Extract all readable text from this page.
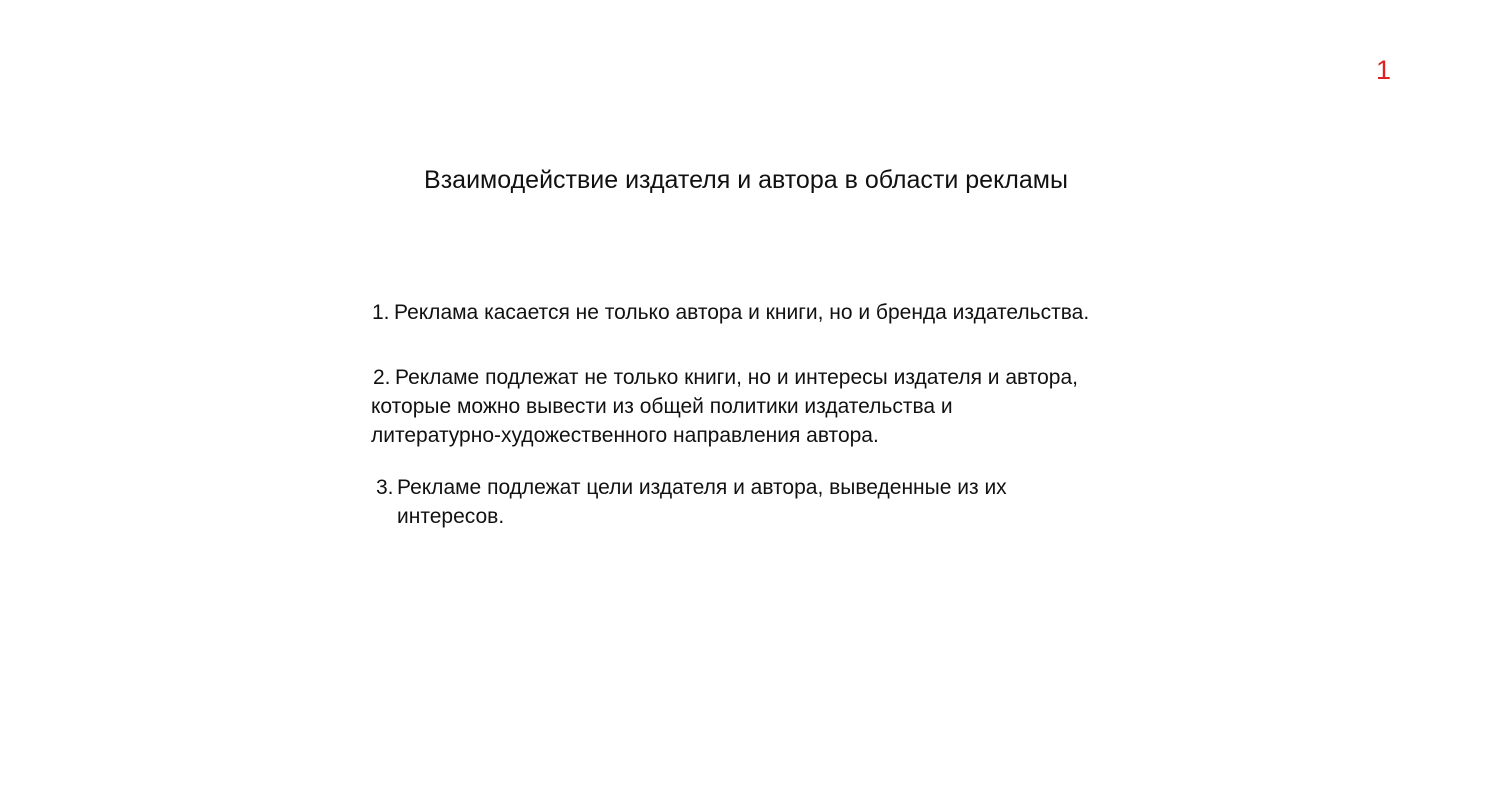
1
Взаимодействие издателя и автора в области рекламы
1. Реклама касается не только автора и книги, но и бренда издательства.
2. Рекламе подлежат не только книги, но и интересы издателя и автора,
которые можно вывести из общей политики издательства и
литературно-художественного направления автора.
3. Рекламе подлежат цели издателя и автора, выведенные из их
интересов.
